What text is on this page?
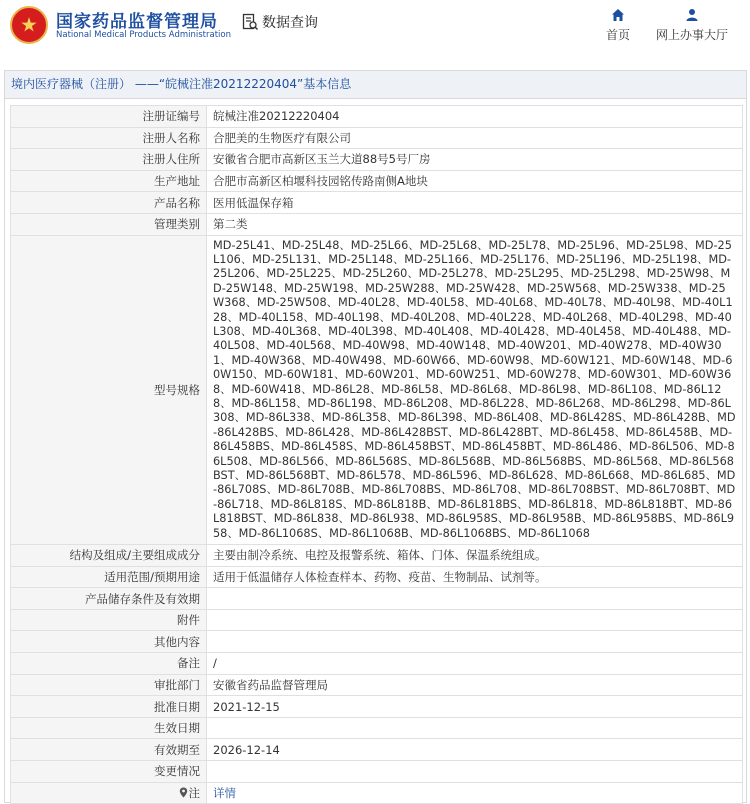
国家药品监督管理局
National Medical Products Administration
数据查询
首页 网上办事大厅
境内医疗器械（注册） ——“皖械注准20212220404”基本信息
注册证编号	皖械注准20212220404
注册人名称	合肥美的生物医疗有限公司
注册人住所	安徽省合肥市高新区玉兰大道88号5号厂房
生产地址	合肥市高新区柏堰科技园铭传路南侧A地块
产品名称	医用低温保存箱
管理类别	第二类
型号规格	MD-25L41、MD-25L48、MD-25L66、MD-25L68、MD-25L78、MD-25L96、MD-25L98、MD-25L106、MD-25L131、MD-25L148、MD-25L166、MD-25L176、MD-25L196、MD-25L198、MD-25L206、MD-25L225、MD-25L260、MD-25L278、MD-25L295、MD-25L298、MD-25W98、MD-25W148、MD-25W198、MD-25W288、MD-25W428、MD-25W568、MD-25W338、MD-25W368、MD-25W508、MD-40L28、MD-40L58、MD-40L68、MD-40L78、MD-40L98、MD-40L128、MD-40L158、MD-40L198、MD-40L208、MD-40L228、MD-40L268、MD-40L298、MD-40L308、MD-40L368、MD-40L398、MD-40L408、MD-40L428、MD-40L458、MD-40L488、MD-40L508、MD-40L568、MD-40W98、MD-40W148、MD-40W201、MD-40W278、MD-40W301、MD-40W368、MD-40W498、MD-60W66、MD-60W98、MD-60W121、MD-60W148、MD-60W150、MD-60W181、MD-60W201、MD-60W251、MD-60W278、MD-60W301、MD-60W368、MD-60W418、MD-86L28、MD-86L58、MD-86L68、MD-86L98、MD-86L108、MD-86L128、MD-86L158、MD-86L198、MD-86L208、MD-86L228、MD-86L268、MD-86L298、MD-86L308、MD-86L338、MD-86L358、MD-86L398、MD-86L408、MD-86L428S、MD-86L428B、MD-86L428BS、MD-86L428、MD-86L428BST、MD-86L428BT、MD-86L458、MD-86L458B、MD-86L458BS、MD-86L458S、MD-86L458BST、MD-86L458BT、MD-86L486、MD-86L506、MD-86L508、MD-86L566、MD-86L568S、MD-86L568B、MD-86L568BS、MD-86L568、MD-86L568BST、MD-86L568BT、MD-86L578、MD-86L596、MD-86L628、MD-86L668、MD-86L685、MD-86L708S、MD-86L708B、MD-86L708BS、MD-86L708、MD-86L708BST、MD-86L708BT、MD-86L718、MD-86L818S、MD-86L818B、MD-86L818BS、MD-86L818、MD-86L818BT、MD-86L818BST、MD-86L838、MD-86L938、MD-86L958S、MD-86L958B、MD-86L958BS、MD-86L958、MD-86L1068S、MD-86L1068B、MD-86L1068BS、MD-86L1068
结构及组成/主要组成成分	主要由制冷系统、电控及报警系统、箱体、门体、保温系统组成。
适用范围/预期用途	适用于低温储存人体检查样本、药物、疫苗、生物制品、试剂等。
产品储存条件及有效期	
附件	
其他内容	
备注	/
审批部门	安徽省药品监督管理局
批准日期	2021-12-15
生效日期	
有效期至	2026-12-14
变更情况	
注	详情
